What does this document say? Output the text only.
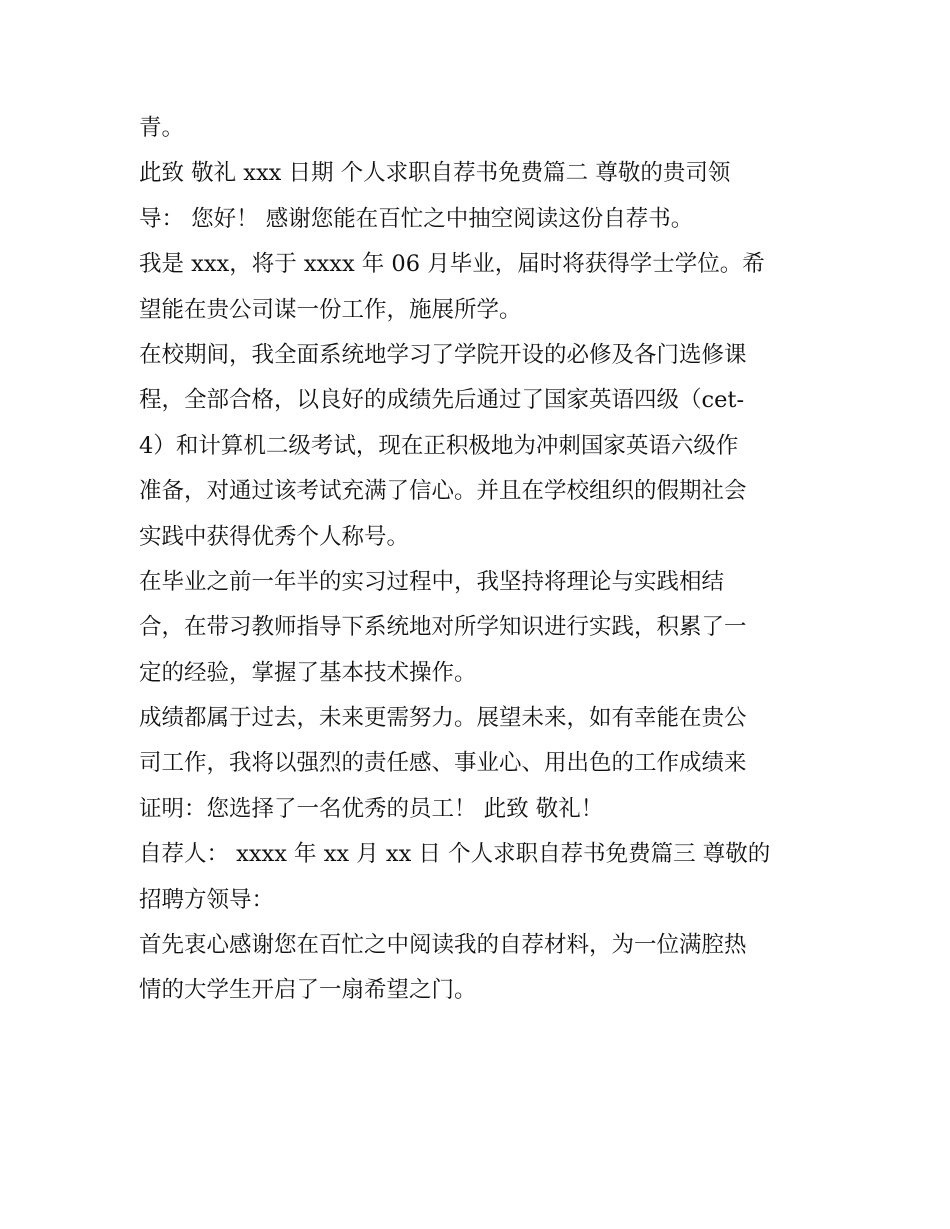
青。
此致 敬礼 xxx 日期 个人求职自荐书免费篇二 尊敬的贵司领
导： 您好！ 感谢您能在百忙之中抽空阅读这份自荐书。
我是 xxx，将于 xxxx 年 06 月毕业，届时将获得学士学位。希
望能在贵公司谋一份工作，施展所学。
在校期间，我全面系统地学习了学院开设的必修及各门选修课
程，全部合格，以良好的成绩先后通过了国家英语四级（cet-
4）和计算机二级考试，现在正积极地为冲刺国家英语六级作
准备，对通过该考试充满了信心。并且在学校组织的假期社会
实践中获得优秀个人称号。
在毕业之前一年半的实习过程中，我坚持将理论与实践相结
合，在带习教师指导下系统地对所学知识进行实践，积累了一
定的经验，掌握了基本技术操作。
成绩都属于过去，未来更需努力。展望未来，如有幸能在贵公
司工作，我将以强烈的责任感、事业心、用出色的工作成绩来
证明：您选择了一名优秀的员工！ 此致 敬礼！
自荐人： xxxx 年 xx 月 xx 日 个人求职自荐书免费篇三 尊敬的
招聘方领导：
首先衷心感谢您在百忙之中阅读我的自荐材料，为一位满腔热
情的大学生开启了一扇希望之门。
